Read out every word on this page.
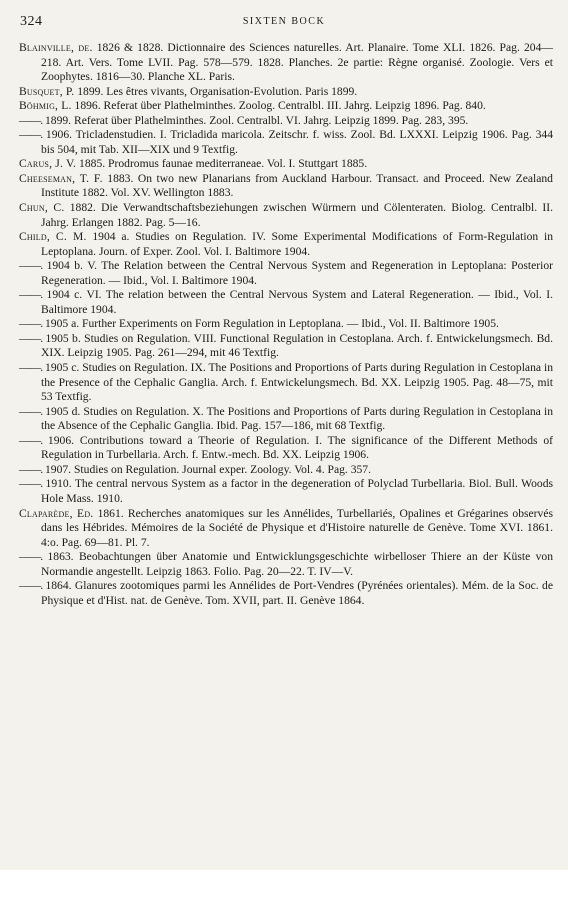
324	SIXTEN BOCK

Blainville, de. 1826 & 1828. Dictionnaire des Sciences naturelles. Art. Planaire. Tome XLI. 1826. Pag. 204—218. Art. Vers. Tome LVII. Pag. 578—579. 1828. Planches. 2e partie: Règne organisé. Zoologie. Vers et Zoophytes. 1816—30. Planche XL. Paris.

Busquet, P. 1899. Les êtres vivants, Organisation-Evolution. Paris 1899.

Böhmig, L. 1896. Referat über Plathelminthes. Zoolog. Centralbl. III. Jahrg. Leipzig 1896. Pag. 840.

——. 1899. Referat über Plathelminthes. Zool. Centralbl. VI. Jahrg. Leipzig 1899. Pag. 283, 395.

——. 1906. Tricladenstudien. I. Tricladida maricola. Zeitschr. f. wiss. Zool. Bd. LXXXI. Leipzig 1906. Pag. 344 bis 504, mit Tab. XII—XIX und 9 Textfig.

Carus, J. V. 1885. Prodromus faunae mediterraneae. Vol. I. Stuttgart 1885.

Cheeseman, T. F. 1883. On two new Planarians from Auckland Harbour. Transact. and Proceed. New Zealand Institute 1882. Vol. XV. Wellington 1883.

Chun, C. 1882. Die Verwandtschaftsbeziehungen zwischen Würmern und Cölenteraten. Biolog. Centralbl. II. Jahrg. Erlangen 1882. Pag. 5—16.

Child, C. M. 1904 a. Studies on Regulation. IV. Some Experimental Modifications of Form-Regulation in Leptoplana. Journ. of Exper. Zool. Vol. I. Baltimore 1904.

——. 1904 b. V. The Relation between the Central Nervous System and Regeneration in Leptoplana: Posterior Regeneration. — Ibid., Vol. I. Baltimore 1904.

——. 1904 c. VI. The relation between the Central Nervous System and Lateral Regeneration. — Ibid., Vol. I. Baltimore 1904.

——. 1905 a. Further Experiments on Form Regulation in Leptoplana. — Ibid., Vol. II. Baltimore 1905.

——. 1905 b. Studies on Regulation. VIII. Functional Regulation in Cestoplana. Arch. f. Entwickelungsmech. Bd. XIX. Leipzig 1905. Pag. 261—294, mit 46 Textfig.

——. 1905 c. Studies on Regulation. IX. The Positions and Proportions of Parts during Regulation in Cestoplana in the Presence of the Cephalic Ganglia. Arch. f. Entwickelungsmech. Bd. XX. Leipzig 1905. Pag. 48—75, mit 53 Textfig.

——. 1905 d. Studies on Regulation. X. The Positions and Proportions of Parts during Regulation in Cestoplana in the Absence of the Cephalic Ganglia. Ibid. Pag. 157—186, mit 68 Textfig.

——. 1906. Contributions toward a Theorie of Regulation. I. The significance of the Different Methods of Regulation in Turbellaria. Arch. f. Entw.-mech. Bd. XX. Leipzig 1906.

——. 1907. Studies on Regulation. Journal exper. Zoology. Vol. 4. Pag. 357.

——. 1910. The central nervous System as a factor in the degeneration of Polyclad Turbellaria. Biol. Bull. Woods Hole Mass. 1910.

Claparède, Ed. 1861. Recherches anatomiques sur les Annélides, Turbellariés, Opalines et Grégarines observés dans les Hébrides. Mémoires de la Société de Physique et d'Histoire naturelle de Genève. Tome XVI. 1861. 4:o. Pag. 69—81. Pl. 7.

——. 1863. Beobachtungen über Anatomie und Entwicklungsgeschichte wirbelloser Thiere an der Küste von Normandie angestellt. Leipzig 1863. Folio. Pag. 20—22. T. IV—V.

——. 1864. Glanures zootomiques parmi les Annélides de Port-Vendres (Pyrénées orientales). Mém. de la Soc. de Physique et d'Hist. nat. de Genève. Tom. XVII, part. II. Genève 1864.
